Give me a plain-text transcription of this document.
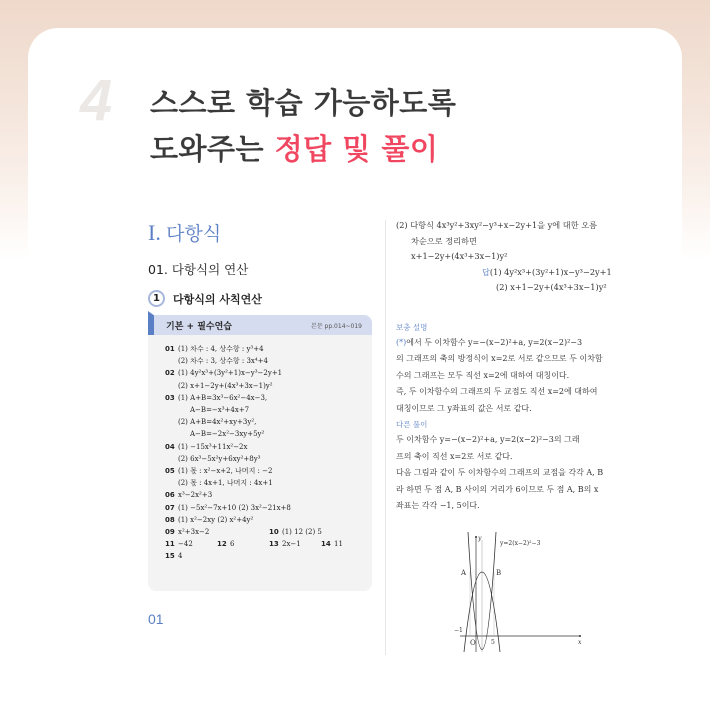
4 스스로 학습 가능하도록
도와주는 정답 및 풀이
I. 다항식
01. 다항식의 연산
1	다항식의 사칙연산
기본 + 필수연습	본문 pp.014~019
01 (1) 차수 : 4, 상수항 : y³+4
(2) 차수 : 3, 상수항 : 3x⁴+4
02 (1) 4y²x³+(3y²+1)x−y³−2y+1
(2) x+1−2y+(4x³+3x−1)y²
03 (1) A+B=3x³−6x²−4x−3,
A−B=−x³+4x+7
(2) A+B=4x²+xy+3y²,
A−B=−2x²−3xy+5y²
04 (1) −15x³+11x²−2x
(2) 6x³−5x²y+6xy²+8y³
05 (1) 몫 : x²−x+2, 나머지 : −2
(2) 몫 : 4x+1, 나머지 : 4x+1
06 x³−2x²+3
07 (1) −5x²−7x+10 (2) 3x²−21x+8
08 (1) x²−2xy (2) x²+4y²
09 x²+3x−2	10 (1) 12 (2) 5
11 −42	12 6	13 2x−1	14 11
15 4
01
(2) 다항식 4x³y²+3xy²−y³+x−2y+1을 y에 대한 오름
차순으로 정리하면
x+1−2y+(4x³+3x−1)y²
답(1) 4y²x³+(3y²+1)x−y³−2y+1
(2) x+1−2y+(4x³+3x−1)y²
보충 설명
(*)에서 두 이차함수 y=−(x−2)²+a, y=2(x−2)²−3
의 그래프의 축의 방정식이 x=2로 서로 같으므로 두 이차함
수의 그래프는 모두 직선 x=2에 대하여 대칭이다.
즉, 두 이차함수의 그래프의 두 교점도 직선 x=2에 대하여
대칭이므로 그 y좌표의 값은 서로 같다.
다른 풀이
두 이차함수 y=−(x−2)²+a, y=2(x−2)²−3의 그래
프의 축이 직선 x=2로 서로 같다.
다음 그림과 같이 두 이차함수의 그래프의 교점을 각각 A, B
라 하면 두 점 A, B 사이의 거리가 6이므로 두 점 A, B의 x
좌표는 각각 −1, 5이다.
y=2(x−2)²−3
A	B
y
x
O
−1
5
